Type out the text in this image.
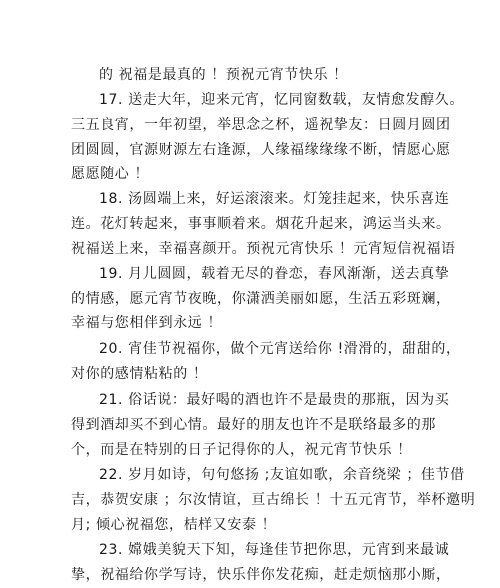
的 祝福是最真的 ！预祝元宵节快乐 ！
17. 送走大年，迎来元宵，忆同窗数载，友情愈发醇久。
三五良宵，一年初望，举思念之杯，遥祝挚友：日圆月圆团
团圆圆，官源财源左右逢源，人缘福缘缘缘不断，情愿心愿
愿愿随心 ！
18. 汤圆端上来，好运滚滚来。灯笼挂起来，快乐喜连
连。花灯转起来，事事顺着来。烟花升起来，鸿运当头来。
祝福送上来，幸福喜颜开。预祝元宵快乐 ！元宵短信祝福语
19. 月儿圆圆，载着无尽的眷恋，春风渐渐，送去真挚
的情感，愿元宵节夜晚，你潇洒美丽如愿，生活五彩斑斓，
幸福与您相伴到永远 ！
20. 宵佳节祝福你，做个元宵送给你 !滑滑的，甜甜的，
对你的感情粘粘的 ！
21. 俗话说：最好喝的酒也许不是最贵的那瓶，因为买
得到酒却买不到心情。最好的朋友也许不是联络最多的那
个，而是在特别的日子记得你的人，祝元宵节快乐 ！
22. 岁月如诗，句句悠扬 ;友谊如歌，余音绕梁 ；佳节借
吉，恭贺安康 ；尔汝情谊，亘古绵长 ！十五元宵节，举杯邀明
月; 倾心祝福您，桔样又安泰 ！
23. 嫦娥美貌天下知，每逢佳节把你思，元宵到来最诚
挚，祝福给你学写诗，快乐伴你发花痴，赶走烦恼那小厮，
